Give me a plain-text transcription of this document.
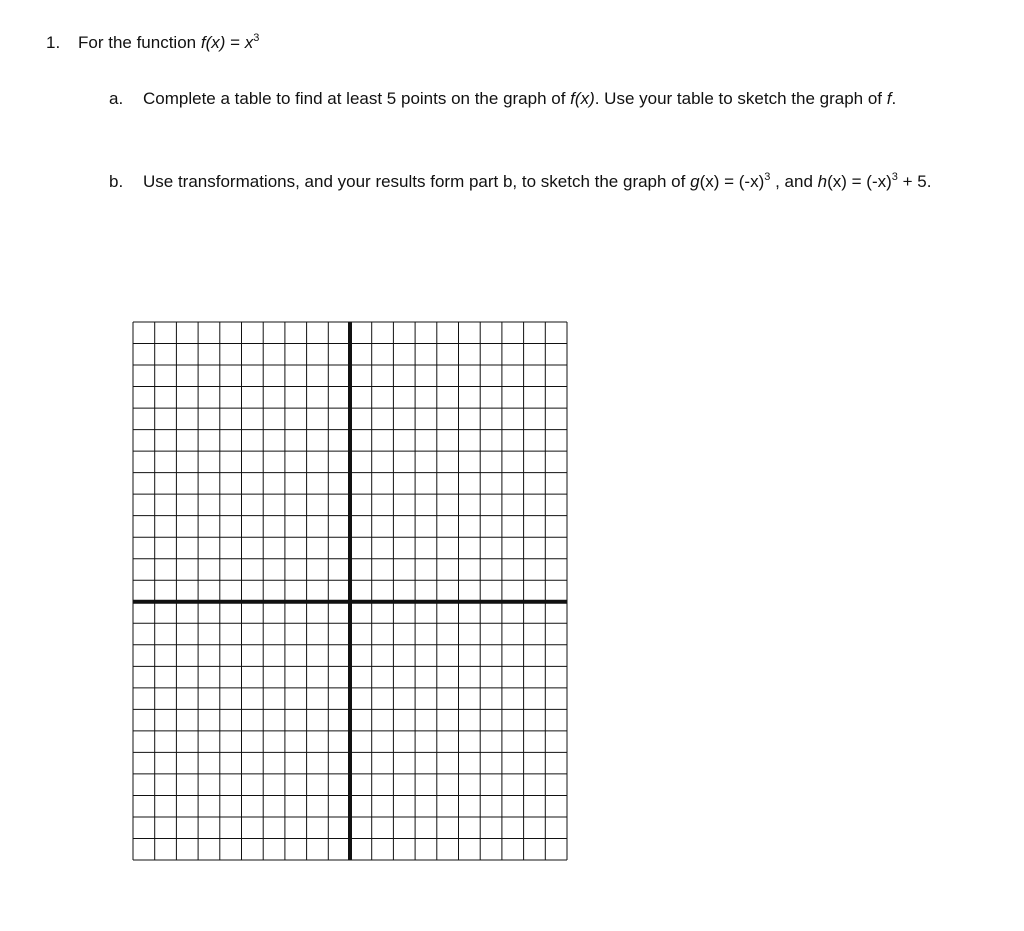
1. For the function $f(x) = x^3$
a. Complete a table to find at least 5 points on the graph of f(x). Use your table to sketch the graph of f.
b. Use transformations, and your results form part b, to sketch the graph of $g(x) = (-x)^3$ , and $h(x) = (-x)^3 + 5$.
